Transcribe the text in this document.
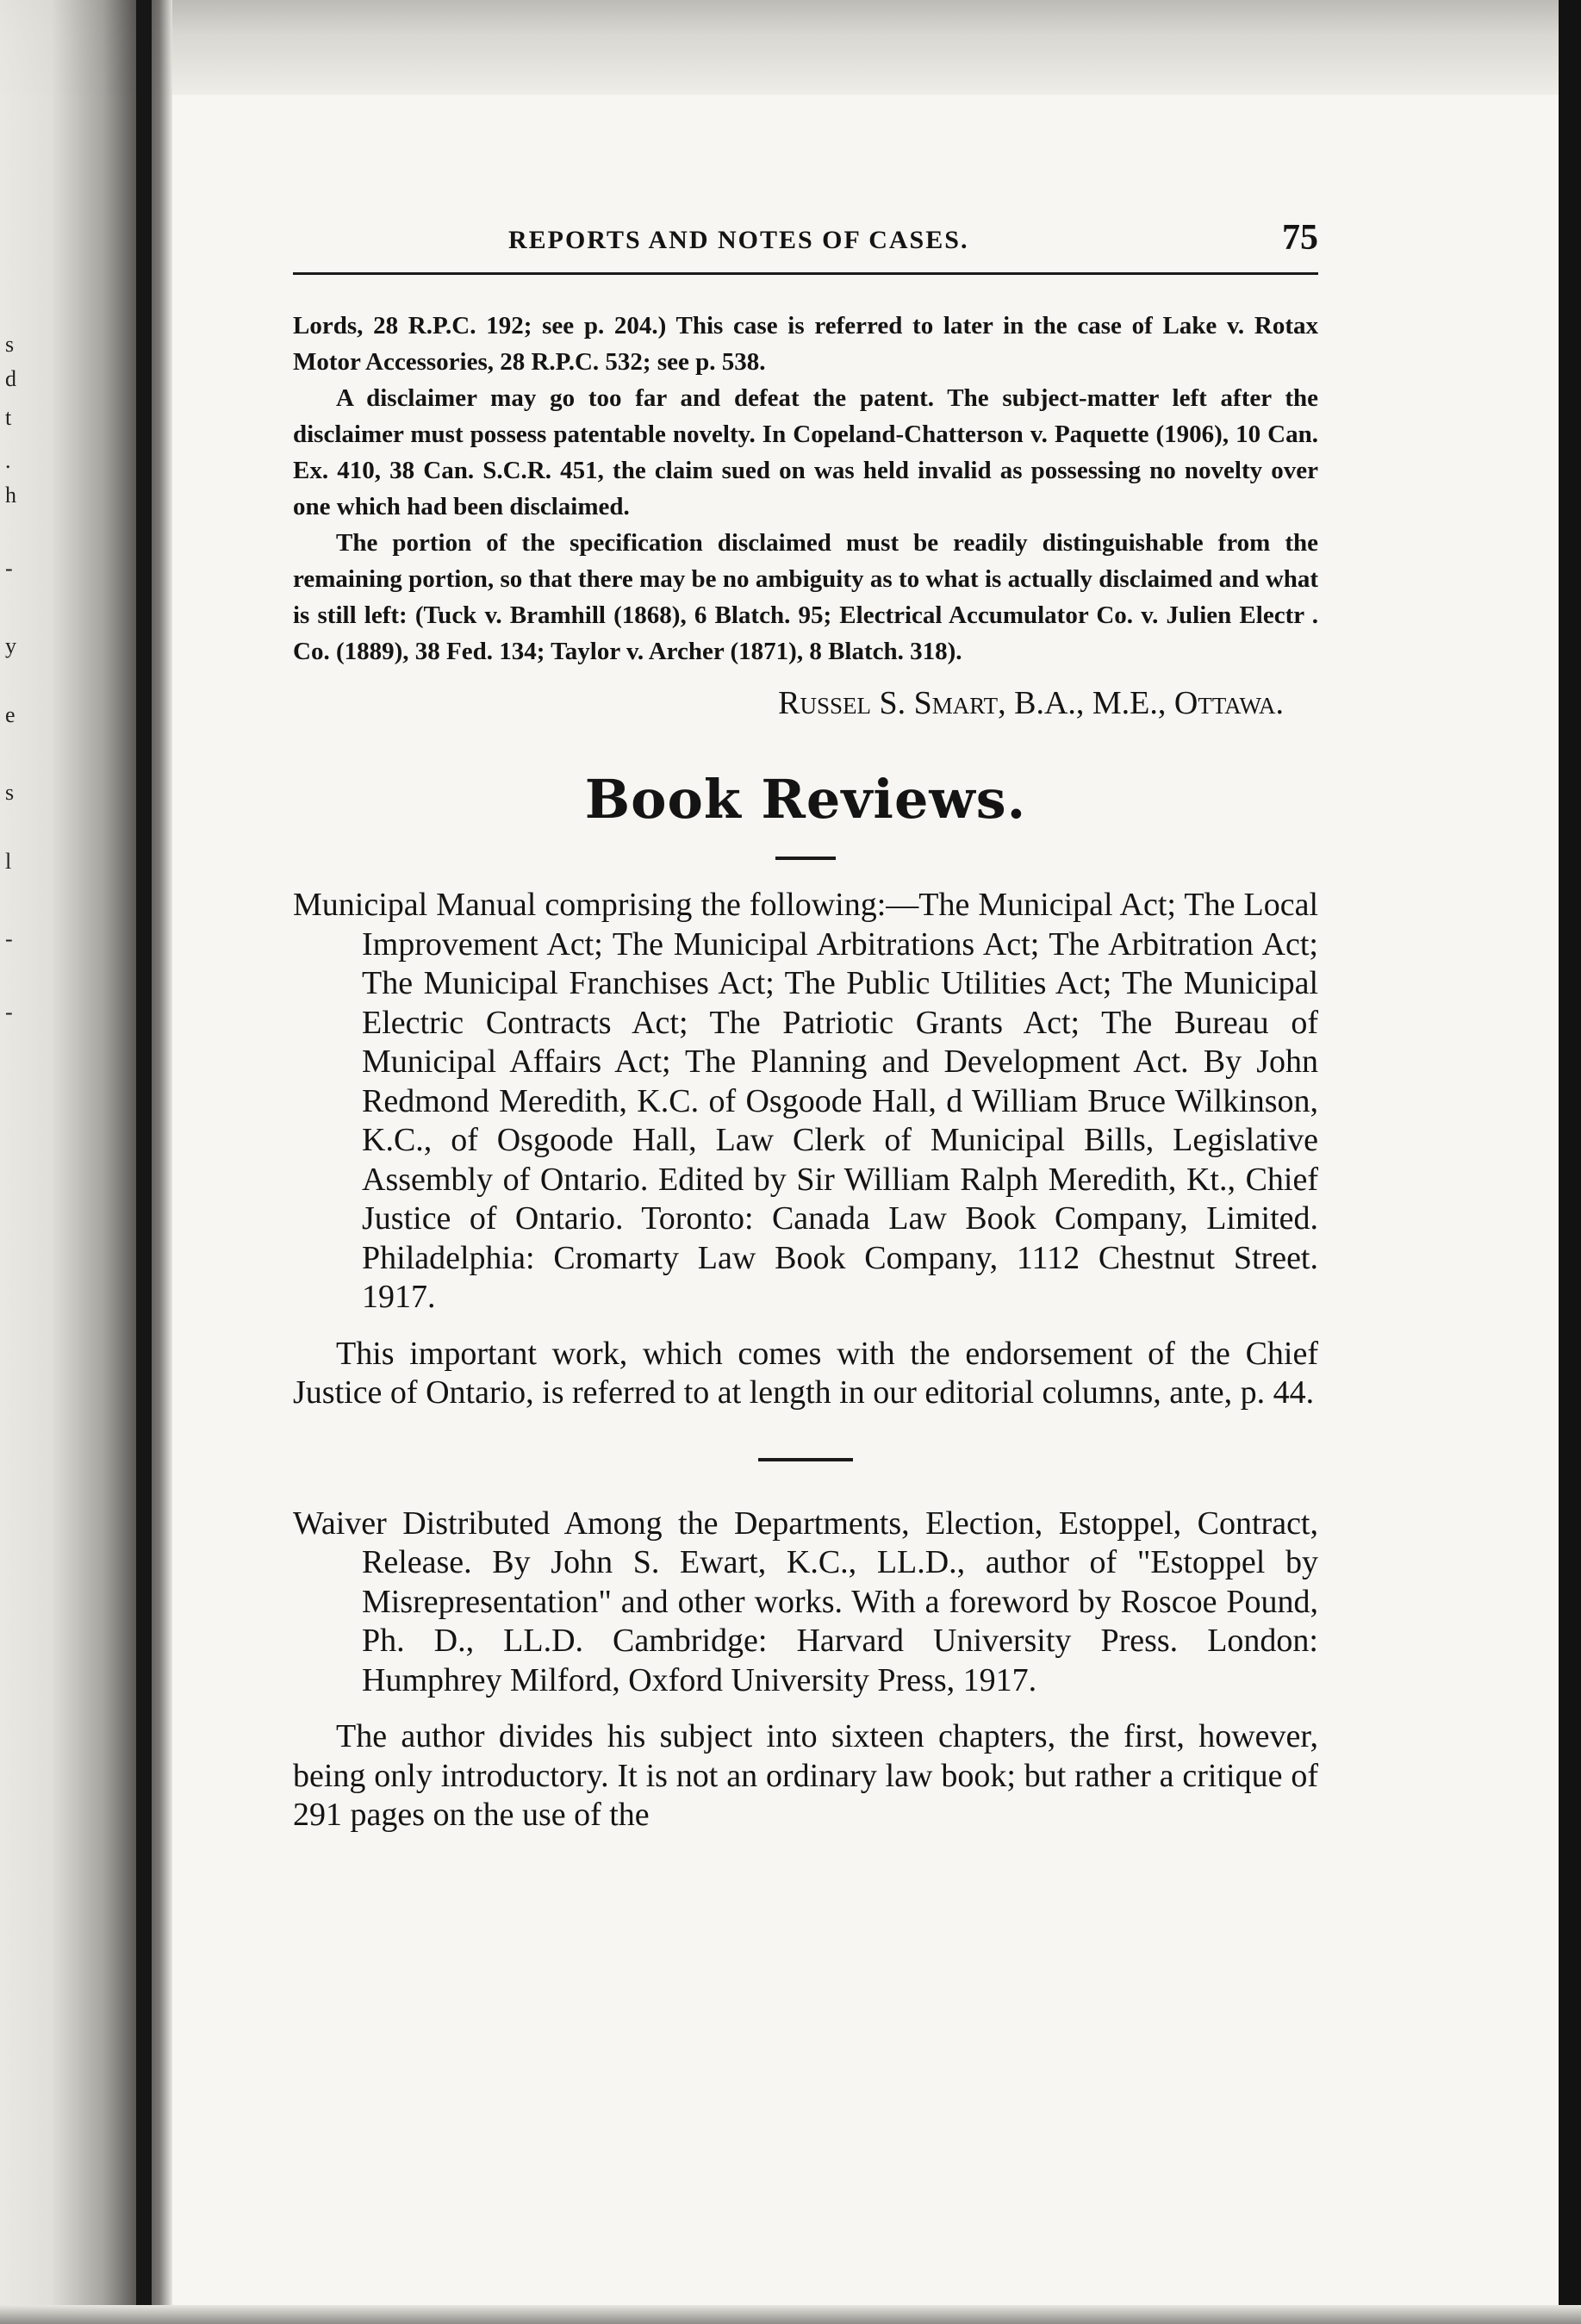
s
d
t
.
h
-
y
e
s
l
-
-
REPORTS AND NOTES OF CASES.	75

Lords, 28 R.P.C. 192; see p. 204.) This case is referred to later in the case of Lake v. Rotax Motor Accessories, 28 R.P.C. 532; see p. 538.

A disclaimer may go too far and defeat the patent. The subject-matter left after the disclaimer must possess patentable novelty. In Copeland-Chatterson v. Paquette (1906), 10 Can. Ex. 410, 38 Can. S.C.R. 451, the claim sued on was held invalid as possessing no novelty over one which had been disclaimed.

The portion of the specification disclaimed must be readily distinguishable from the remaining portion, so that there may be no ambiguity as to what is actually disclaimed and what is still left: (Tuck v. Bramhill (1868), 6 Blatch. 95; Electrical Accumulator Co. v. Julien Electr . Co. (1889), 38 Fed. 134; Taylor v. Archer (1871), 8 Blatch. 318).

Russel S. Smart, B.A., M.E., Ottawa.
Book Reviews.

Municipal Manual comprising the following:—The Municipal Act; The Local Improvement Act; The Municipal Arbitrations Act; The Arbitration Act; The Municipal Franchises Act; The Public Utilities Act; The Municipal Electric Contracts Act; The Patriotic Grants Act; The Bureau of Municipal Affairs Act; The Planning and Development Act. By John Redmond Meredith, K.C. of Osgoode Hall, d William Bruce Wilkinson, K.C., of Osgoode Hall, Law Clerk of Municipal Bills, Legislative Assembly of Ontario. Edited by Sir William Ralph Meredith, Kt., Chief Justice of Ontario. Toronto: Canada Law Book Company, Limited. Philadelphia: Cromarty Law Book Company, 1112 Chestnut Street. 1917.

This important work, which comes with the endorsement of the Chief Justice of Ontario, is referred to at length in our editorial columns, ante, p. 44.

Waiver Distributed Among the Departments, Election, Estoppel, Contract, Release. By John S. Ewart, K.C., LL.D., author of "Estoppel by Misrepresentation" and other works. With a foreword by Roscoe Pound, Ph. D., LL.D. Cambridge: Harvard University Press. London: Humphrey Milford, Oxford University Press, 1917.

The author divides his subject into sixteen chapters, the first, however, being only introductory. It is not an ordinary law book; but rather a critique of 291 pages on the use of the
